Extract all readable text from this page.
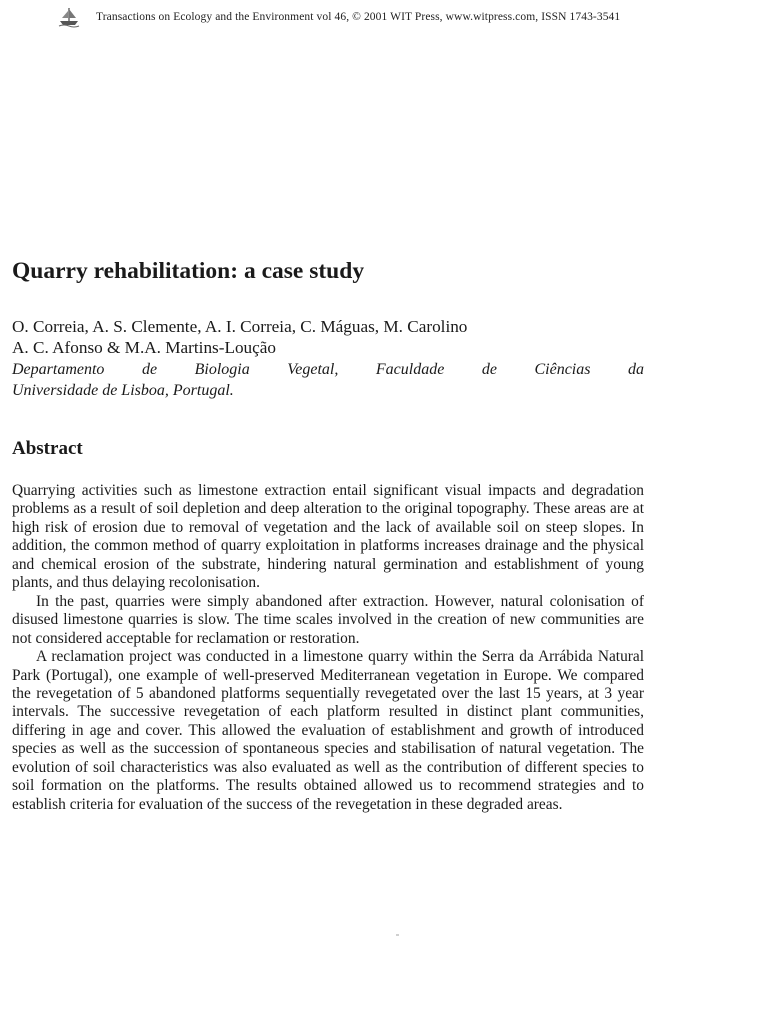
Transactions on Ecology and the Environment vol 46, © 2001 WIT Press, www.witpress.com, ISSN 1743-3541
Quarry rehabilitation: a case study
O. Correia, A. S. Clemente, A. I. Correia, C. Máguas, M. Carolino
A. C. Afonso & M.A. Martins-Loução
Departamento de Biologia Vegetal, Faculdade de Ciências da
Universidade de Lisboa, Portugal.
Abstract

Quarrying activities such as limestone extraction entail significant visual impacts and degradation problems as a result of soil depletion and deep alteration to the original topography. These areas are at high risk of erosion due to removal of vegetation and the lack of available soil on steep slopes. In addition, the common method of quarry exploitation in platforms increases drainage and the physical and chemical erosion of the substrate, hindering natural germination and establishment of young plants, and thus delaying recolonisation.

In the past, quarries were simply abandoned after extraction. However, natural colonisation of disused limestone quarries is slow. The time scales involved in the creation of new communities are not considered acceptable for reclamation or restoration.

A reclamation project was conducted in a limestone quarry within the Serra da Arrábida Natural Park (Portugal), one example of well-preserved Mediterranean vegetation in Europe. We compared the revegetation of 5 abandoned platforms sequentially revegetated over the last 15 years, at 3 year intervals. The successive revegetation of each platform resulted in distinct plant communities, differing in age and cover. This allowed the evaluation of establishment and growth of introduced species as well as the succession of spontaneous species and stabilisation of natural vegetation. The evolution of soil characteristics was also evaluated as well as the contribution of different species to soil formation on the platforms. The results obtained allowed us to recommend strategies and to establish criteria for evaluation of the success of the revegetation in these degraded areas.
